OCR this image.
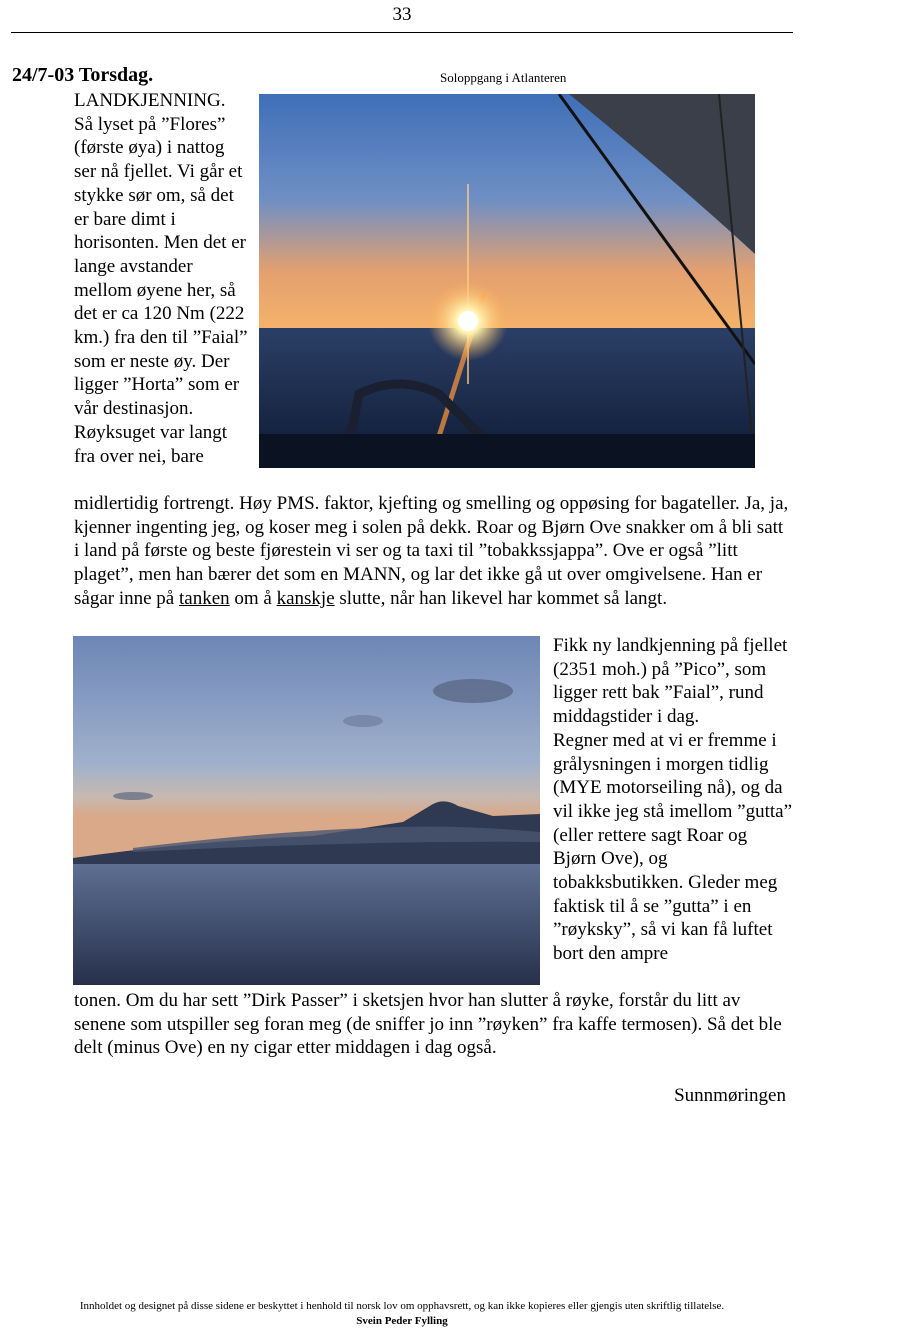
33
24/7-03 Torsdag.	Soloppgang i Atlanteren

LANDKJENNING. Så lyset på ”Flores” (første øya) i nattog ser nå fjellet. Vi går et stykke sør om, så det er bare dimt i horisonten. Men det er lange avstander mellom øyene her, så det er ca 120 Nm (222 km.) fra den til ”Faial” som er neste øy. Der ligger ”Horta” som er vår destinasjon. Røyksuget var langt fra over nei, bare

midlertidig fortrengt. Høy PMS. faktor, kjefting og smelling og oppøsing for bagateller. Ja, ja, kjenner ingenting jeg, og koser meg i solen på dekk. Roar og Bjørn Ove snakker om å bli satt i land på første og beste fjørestein vi ser og ta taxi til ”tobakkssjappa”. Ove er også ”litt plaget”, men han bærer det som en MANN, og lar det ikke gå ut over omgivelsene. Han er sågar inne på tanken om å kanskje slutte, når han likevel har kommet så langt.

Fikk ny landkjenning på fjellet (2351 moh.) på ”Pico”, som ligger rett bak ”Faial”, rund middagstider i dag.

Regner med at vi er fremme i grålysningen i morgen tidlig (MYE motorseiling nå), og da vil ikke jeg stå imellom ”gutta” (eller rettere sagt Roar og Bjørn Ove), og tobakksbutikken. Gleder meg faktisk til å se ”gutta” i en ”røyksky”, så vi kan få luftet bort den ampre

tonen. Om du har sett ”Dirk Passer” i sketsjen hvor han slutter å røyke, forstår du litt av senene som utspiller seg foran meg (de sniffer jo inn ”røyken” fra kaffe termosen). Så det ble delt (minus Ove) en ny cigar etter middagen i dag også.

Sunnmøringen
Innholdet og designet på disse sidene er beskyttet i henhold til norsk lov om opphavsrett, og kan ikke kopieres eller gjengis uten skriftlig tillatelse.
Svein Peder Fylling
